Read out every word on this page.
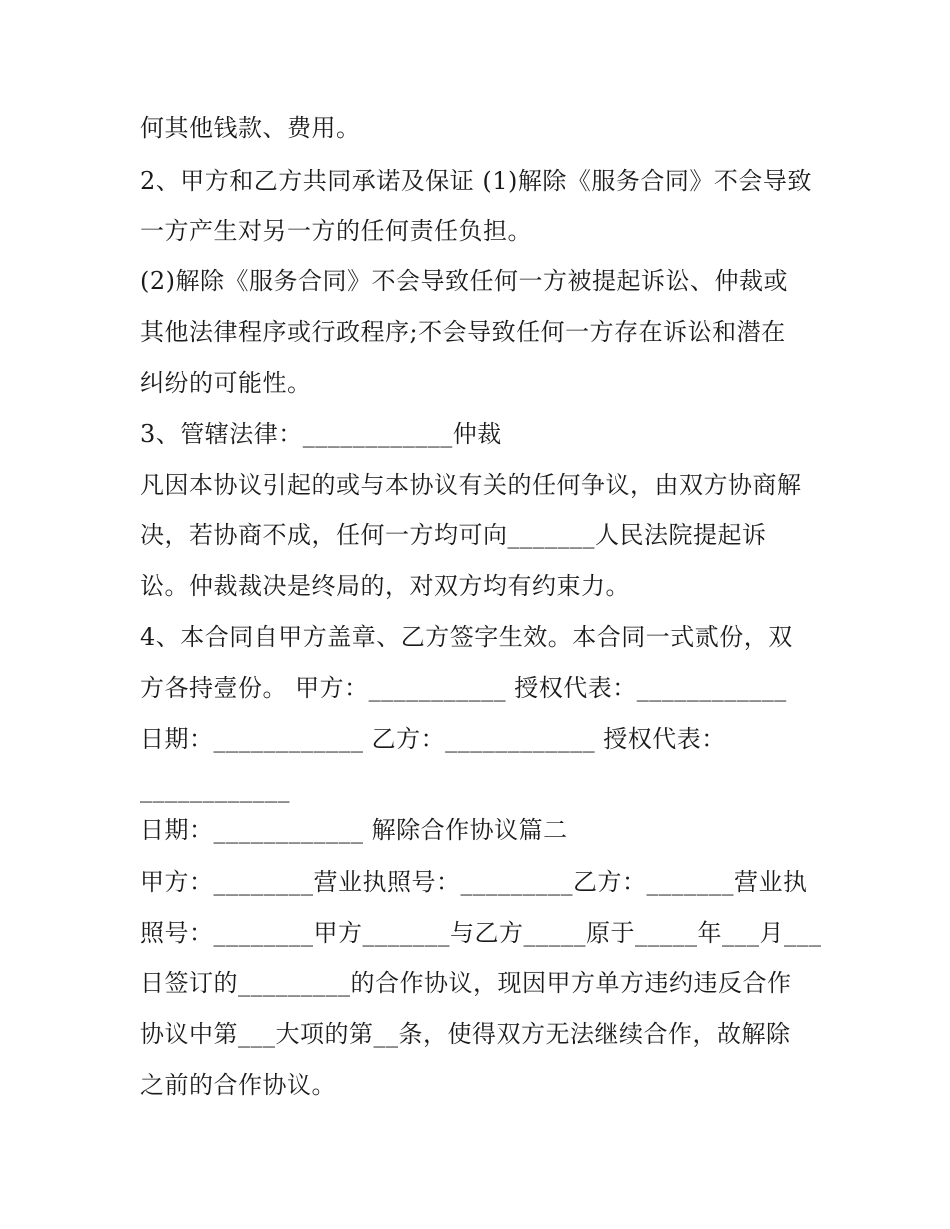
何其他钱款、费用。
2、甲方和乙方共同承诺及保证 (1)解除《服务合同》不会导致
一方产生对另一方的任何责任负担。
(2)解除《服务合同》不会导致任何一方被提起诉讼、仲裁或
其他法律程序或行政程序;不会导致任何一方存在诉讼和潜在
纠纷的可能性。
3、管辖法律：____________仲裁
凡因本协议引起的或与本协议有关的任何争议，由双方协商解
决，若协商不成，任何一方均可向_______人民法院提起诉
讼。仲裁裁决是终局的，对双方均有约束力。
4、本合同自甲方盖章、乙方签字生效。本合同一式贰份，双
方各持壹份。 甲方：___________ 授权代表：____________
日期：____________ 乙方：____________ 授权代表：
____________
日期：____________ 解除合作协议篇二
甲方：________营业执照号：_________乙方：_______营业执
照号：________甲方_______与乙方_____原于_____年___月___
日签订的_________的合作协议，现因甲方单方违约违反合作
协议中第___大项的第__条，使得双方无法继续合作，故解除
之前的合作协议。
